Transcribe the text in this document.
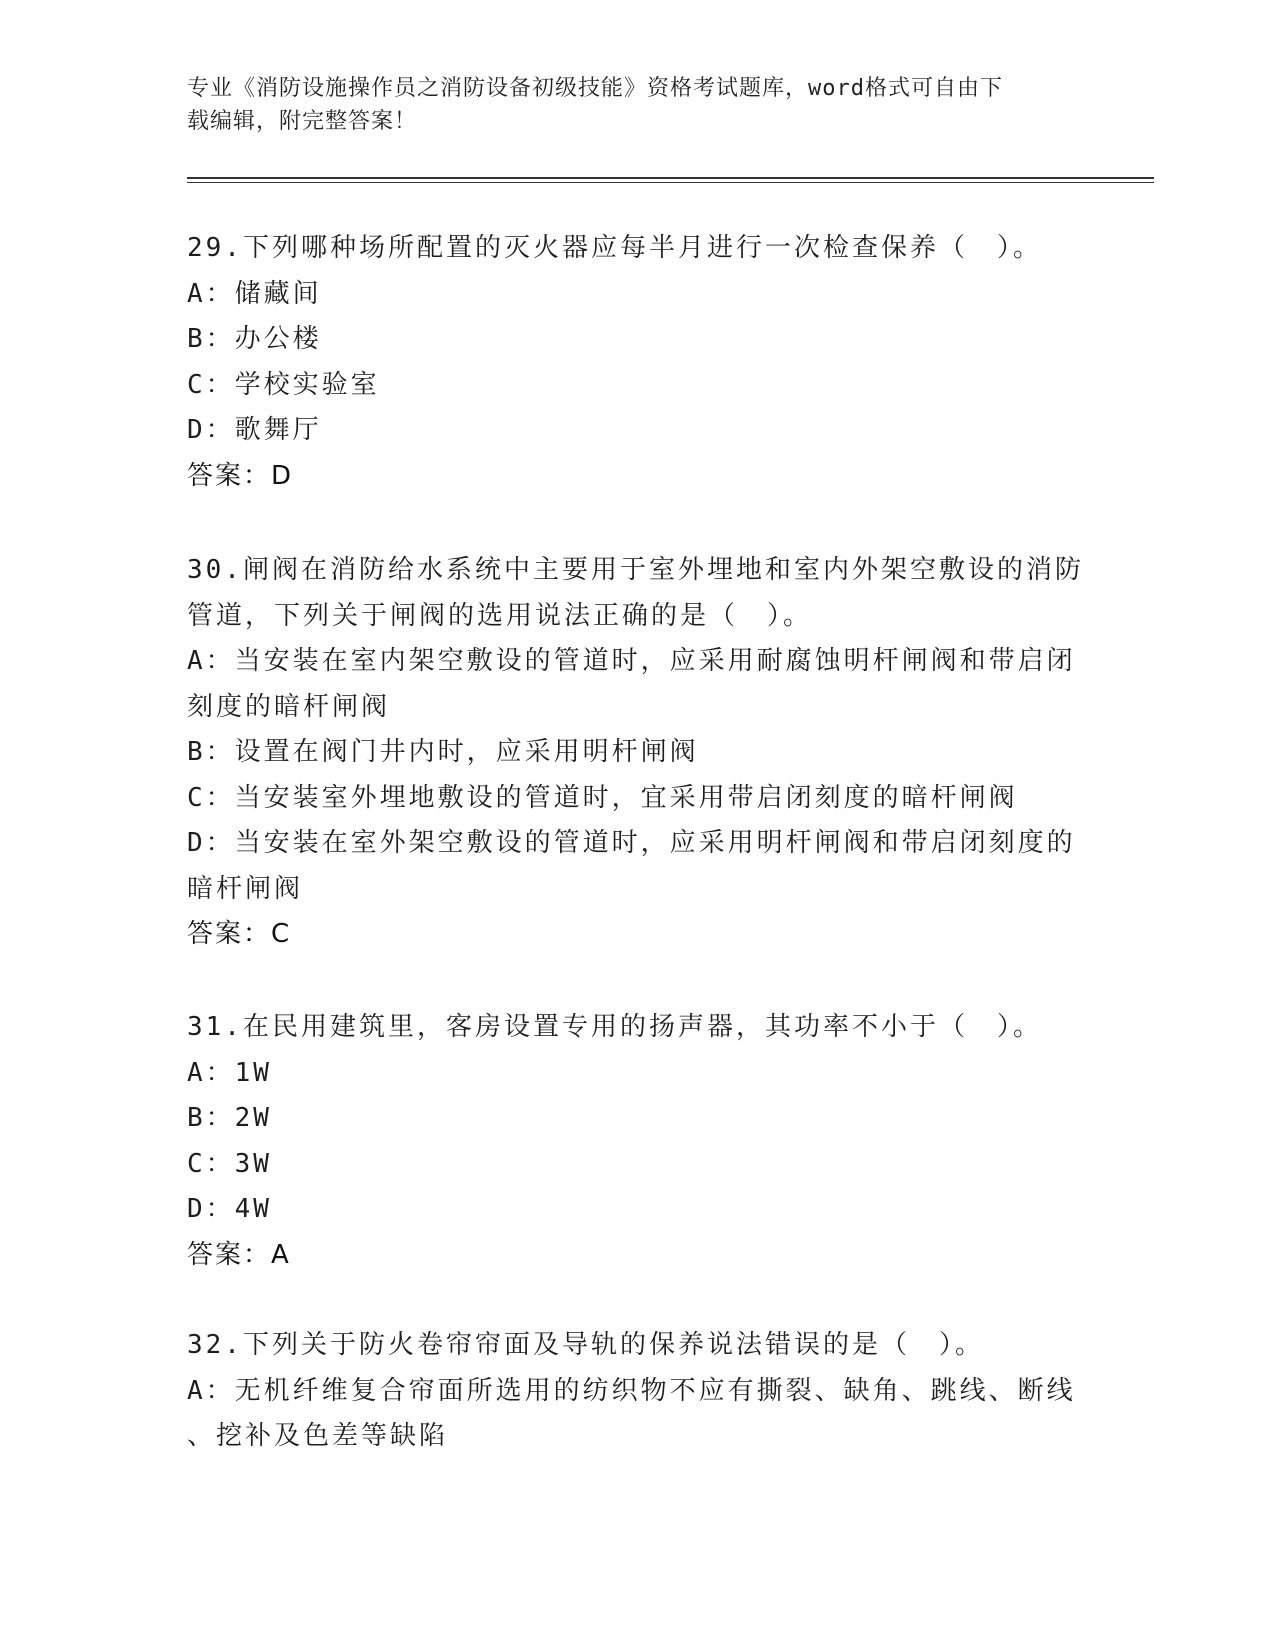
专业《消防设施操作员之消防设备初级技能》资格考试题库，word格式可自由下
载编辑，附完整答案！
29.下列哪种场所配置的灭火器应每半月进行一次检查保养（　）。
A：储藏间
B：办公楼
C：学校实验室
D：歌舞厅
答案：D
30.闸阀在消防给水系统中主要用于室外埋地和室内外架空敷设的消防
管道，下列关于闸阀的选用说法正确的是（　）。
A：当安装在室内架空敷设的管道时，应采用耐腐蚀明杆闸阀和带启闭
刻度的暗杆闸阀
B：设置在阀门井内时，应采用明杆闸阀
C：当安装室外埋地敷设的管道时，宜采用带启闭刻度的暗杆闸阀
D：当安装在室外架空敷设的管道时，应采用明杆闸阀和带启闭刻度的
暗杆闸阀
答案：C
31.在民用建筑里，客房设置专用的扬声器，其功率不小于（　）。
A：1W
B：2W
C：3W
D：4W
答案：A
32.下列关于防火卷帘帘面及导轨的保养说法错误的是（　）。
A：无机纤维复合帘面所选用的纺织物不应有撕裂、缺角、跳线、断线
、挖补及色差等缺陷
